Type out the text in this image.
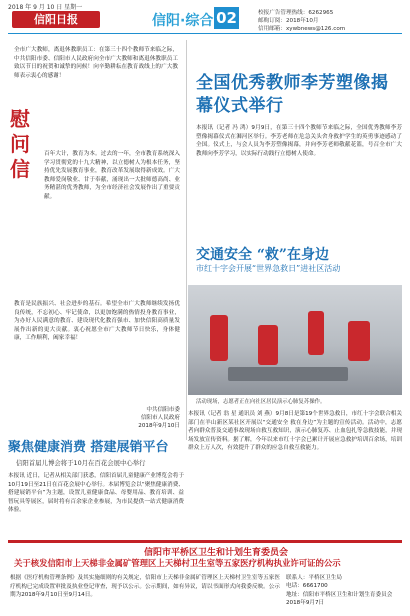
2018 年 9 月 10 日 星期一
信阳日报	信阳·综合 02	校报广告管理热线：6262965
邮购订阅：2018年10月
信用邮箱：xywbnews@126.com
全市广大教师，离退休教职员工：在第三十四个教师节来临之际，中共信阳市委、信阳市人民政府向全市广大教师和离退休教职员工致以节日的祝贺和诚挚的问候！向辛勤耕耘在教育战线上的广大教师表示衷心的感谢！
慰问信
百年大计，教育为本。过去的一年，全市教育系统深入学习贯彻党的十九大精神，以立德树人为根本任务，坚持优先发展教育事业，教育改革发展取得新成效。广大教师爱岗敬业、甘于奉献，涌现出一大批师德高尚、业务精湛的优秀教师，为全市经济社会发展作出了重要贡献。
教育是民族振兴、社会进步的基石。希望全市广大教师继续发扬优良传统，不忘初心、牢记使命，以更加饱满的热情投身教育事业，为办好人民满意的教育、建设现代化教育强市、加快信阳高质量发展作出新的更大贡献。衷心祝愿全市广大教师节日快乐，身体健康，工作顺利，阖家幸福！
中共信阳市委
信阳市人民政府
2018年9月10日
全国优秀教师李芳塑像揭幕仪式举行
本报讯（记者 冯 鸿）9月9日，在第三十四个教师节来临之际，全国优秀教师李芳塑像揭幕仪式在浉河区举行。李芳老师在危急关头舍身救护学生的英勇事迹感动了全国。仪式上，与会人员为李芳塑像揭幕，并向李芳老师敬献花篮，号召全市广大教师向李芳学习，以实际行动践行立德树人使命。
交通安全 “救”在身边
市红十字会开展“世界急救日”进社区活动
活动现场，志愿者正在向社区居民演示心肺复苏操作。
本报讯（记者 翁 星 通讯员 刘 燕）9月8日是第19个世界急救日，市红十字会联合相关部门在羊山新区某社区开展以“交通安全 救在身边”为主题的宣传活动。活动中，志愿者向群众普及交通事故现场自救互救知识，演示心肺复苏、止血包扎等急救技能，并现场发放宣传资料。据了解，今年以来市红十字会已累计开展应急救护培训百余场，培训群众上万人次，有效提升了群众的应急自救互救能力。
聚焦健康消费 搭建展销平台
信阳首届儿博会将于10月在百花会展中心举行
本报讯 近日，记者从相关部门获悉，信阳首届儿童健康产业博览会将于10月19日至21日在百花会展中心举行。本届博览会以“聚焦健康消费、搭建展销平台”为主题，设置儿童健康食品、母婴用品、教育培训、益智玩具等展区，届时将有百余家企业参展，为市民提供一站式健康消费体验。
信阳市平桥区卫生和计划生育委员会
关于核发信阳市上天梯非金属矿管理区上天梯村卫生室等五家医疗机构执业许可证的公示
根据《医疗机构管理条例》及其实施细则的有关规定，信阳市上天梯非金属矿管理区上天梯村卫生室等五家医疗机构已完成设置审批及执业登记审查，现予以公示。公示期间，如有异议，请以书面形式向我委反映。公示期为2018年9月10日至9月14日。
联系人：平桥区卫生局
电话：6661700
地址：信阳市平桥区卫生和计划生育委员会
2018年9月7日
